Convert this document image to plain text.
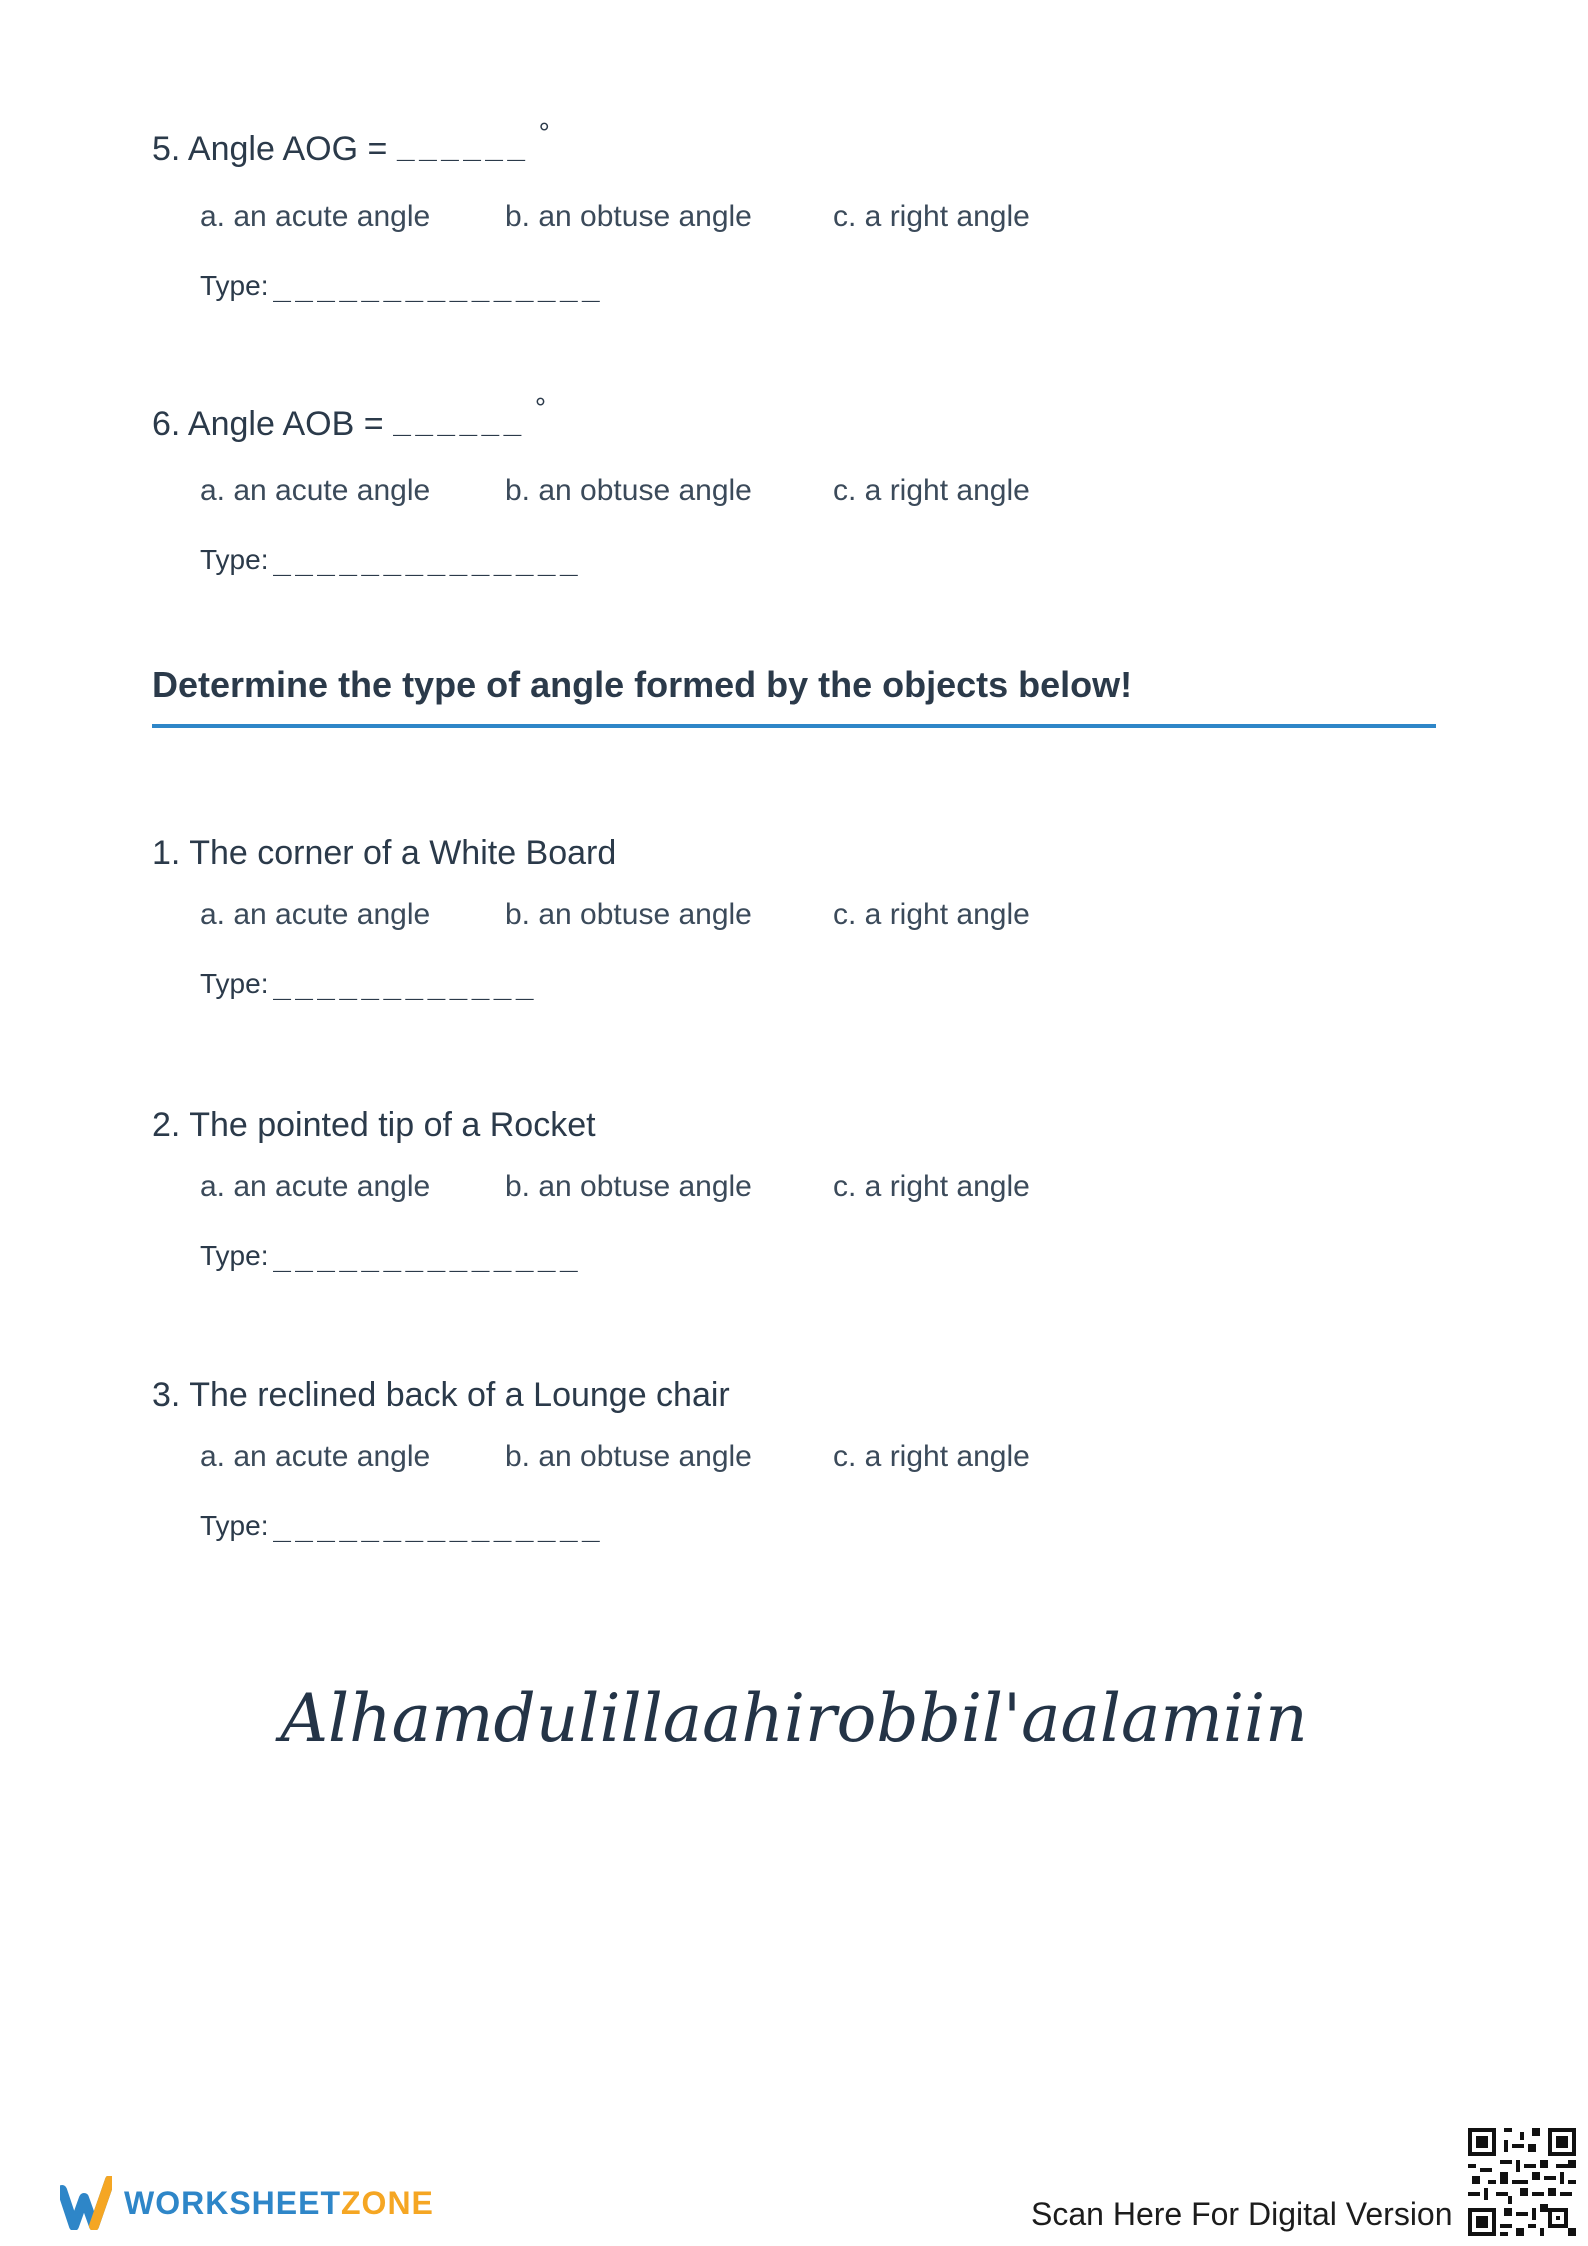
5. Angle AOG = ______ °
a. an acute angle b. an obtuse angle	c. a right angle
Type: _______________
6. Angle AOB = ______ °
a. an acute angle b. an obtuse angle	c. a right angle
Type: ______________
Determine the type of angle formed by the objects below!
1. The corner of a White Board
a. an acute angle b. an obtuse angle	c. a right angle
Type: ____________
2. The pointed tip of a Rocket
a. an acute angle b. an obtuse angle	c. a right angle
Type: ______________
3. The reclined back of a Lounge chair
a. an acute angle b. an obtuse angle	c. a right angle
Type: _______________
Alhamdulillaahirobbil'aalamiin
WORKSHEETZONE	Scan Here For Digital Version
